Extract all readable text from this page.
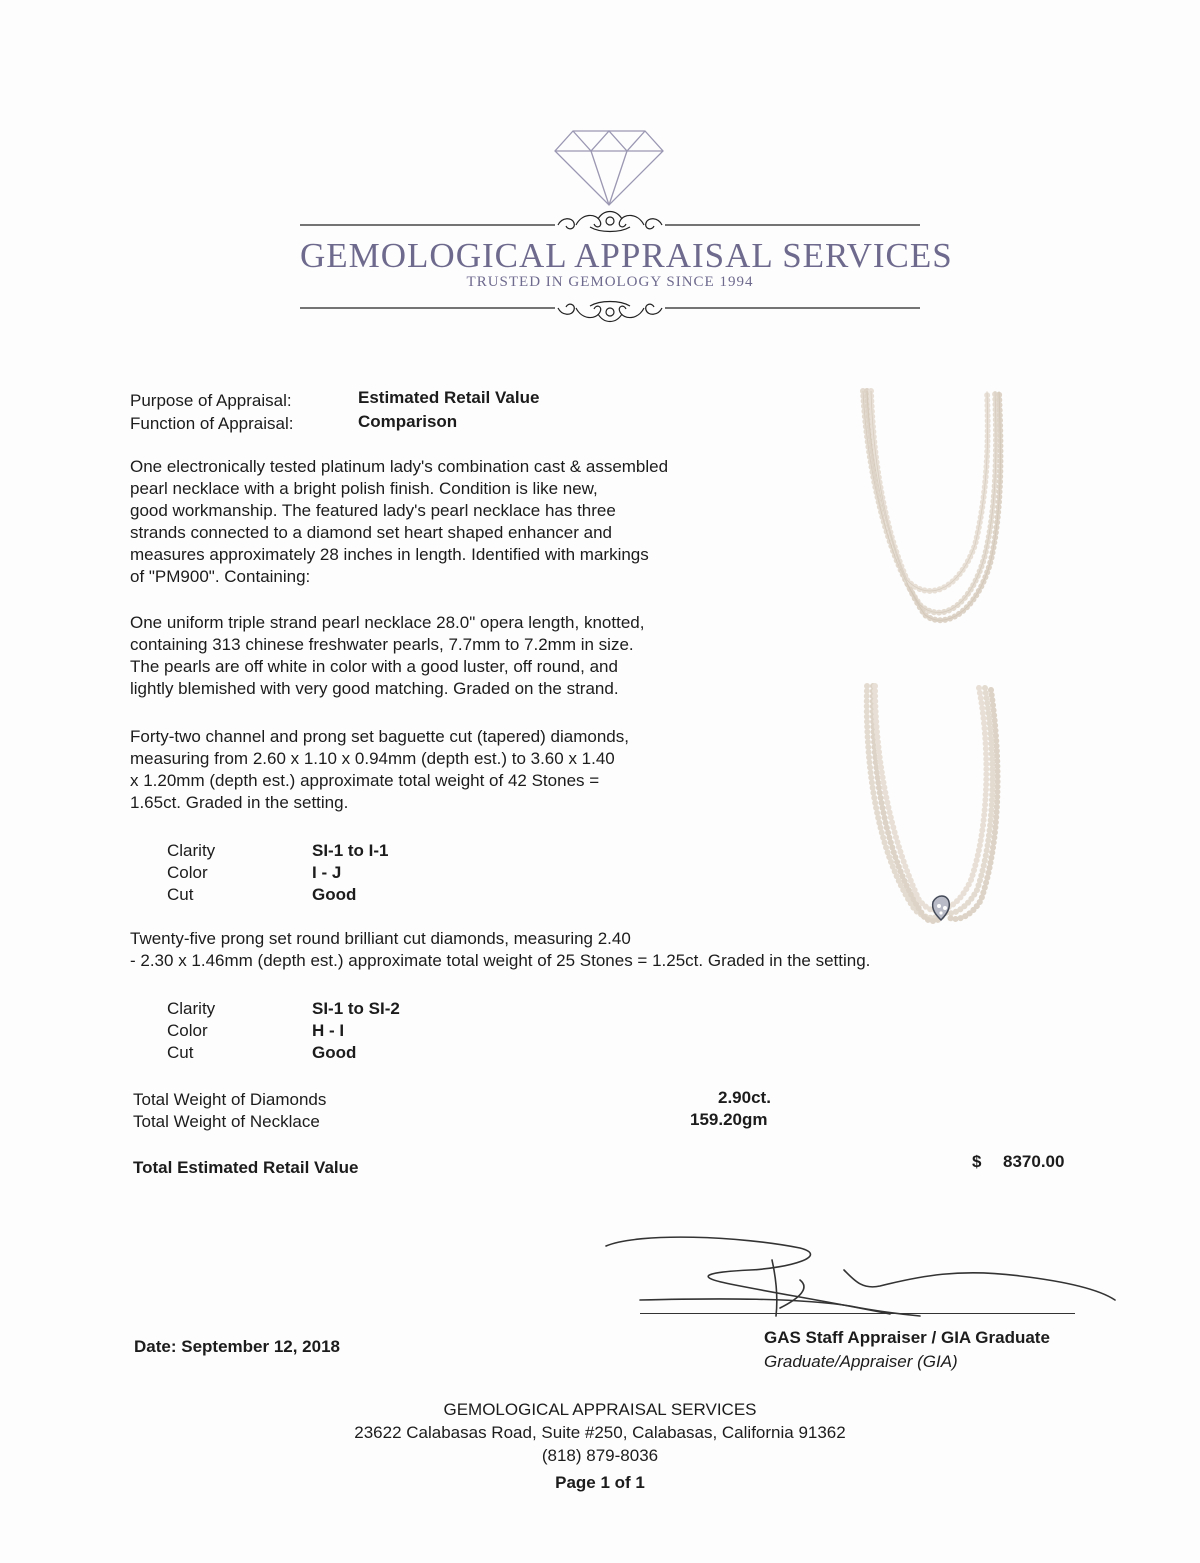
GEMOLOGICAL APPRAISAL SERVICES
TRUSTED IN GEMOLOGY SINCE 1994
Purpose of Appraisal:	Estimated Retail Value
Function of Appraisal:	Comparison
One electronically tested platinum lady's combination cast & assembled
pearl necklace with a bright polish finish. Condition is like new,
good workmanship. The featured lady's pearl necklace has three
strands connected to a diamond set heart shaped enhancer and
measures approximately 28 inches in length. Identified with markings
of "PM900". Containing:
One uniform triple strand pearl necklace 28.0" opera length, knotted,
containing 313 chinese freshwater pearls, 7.7mm to 7.2mm in size.
The pearls are off white in color with a good luster, off round, and
lightly blemished with very good matching. Graded on the strand.
Forty-two channel and prong set baguette cut (tapered) diamonds,
measuring from 2.60 x 1.10 x 0.94mm (depth est.) to 3.60 x 1.40
x 1.20mm (depth est.) approximate total weight of 42 Stones =
1.65ct. Graded in the setting.
Clarity	SI-1 to I-1
Color	I - J
Cut	Good
Twenty-five prong set round brilliant cut diamonds, measuring 2.40
- 2.30 x 1.46mm (depth est.) approximate total weight of 25 Stones = 1.25ct. Graded in the setting.
Clarity	SI-1 to SI-2
Color	H - I
Cut	Good
Total Weight of Diamonds	2.90ct.
Total Weight of Necklace	159.20gm
Total Estimated Retail Value	$ 8370.00
Date: September 12, 2018	GAS Staff Appraiser / GIA Graduate
Graduate/Appraiser (GIA)
GEMOLOGICAL APPRAISAL SERVICES
23622 Calabasas Road, Suite #250, Calabasas, California 91362
(818) 879-8036
Page 1 of 1
